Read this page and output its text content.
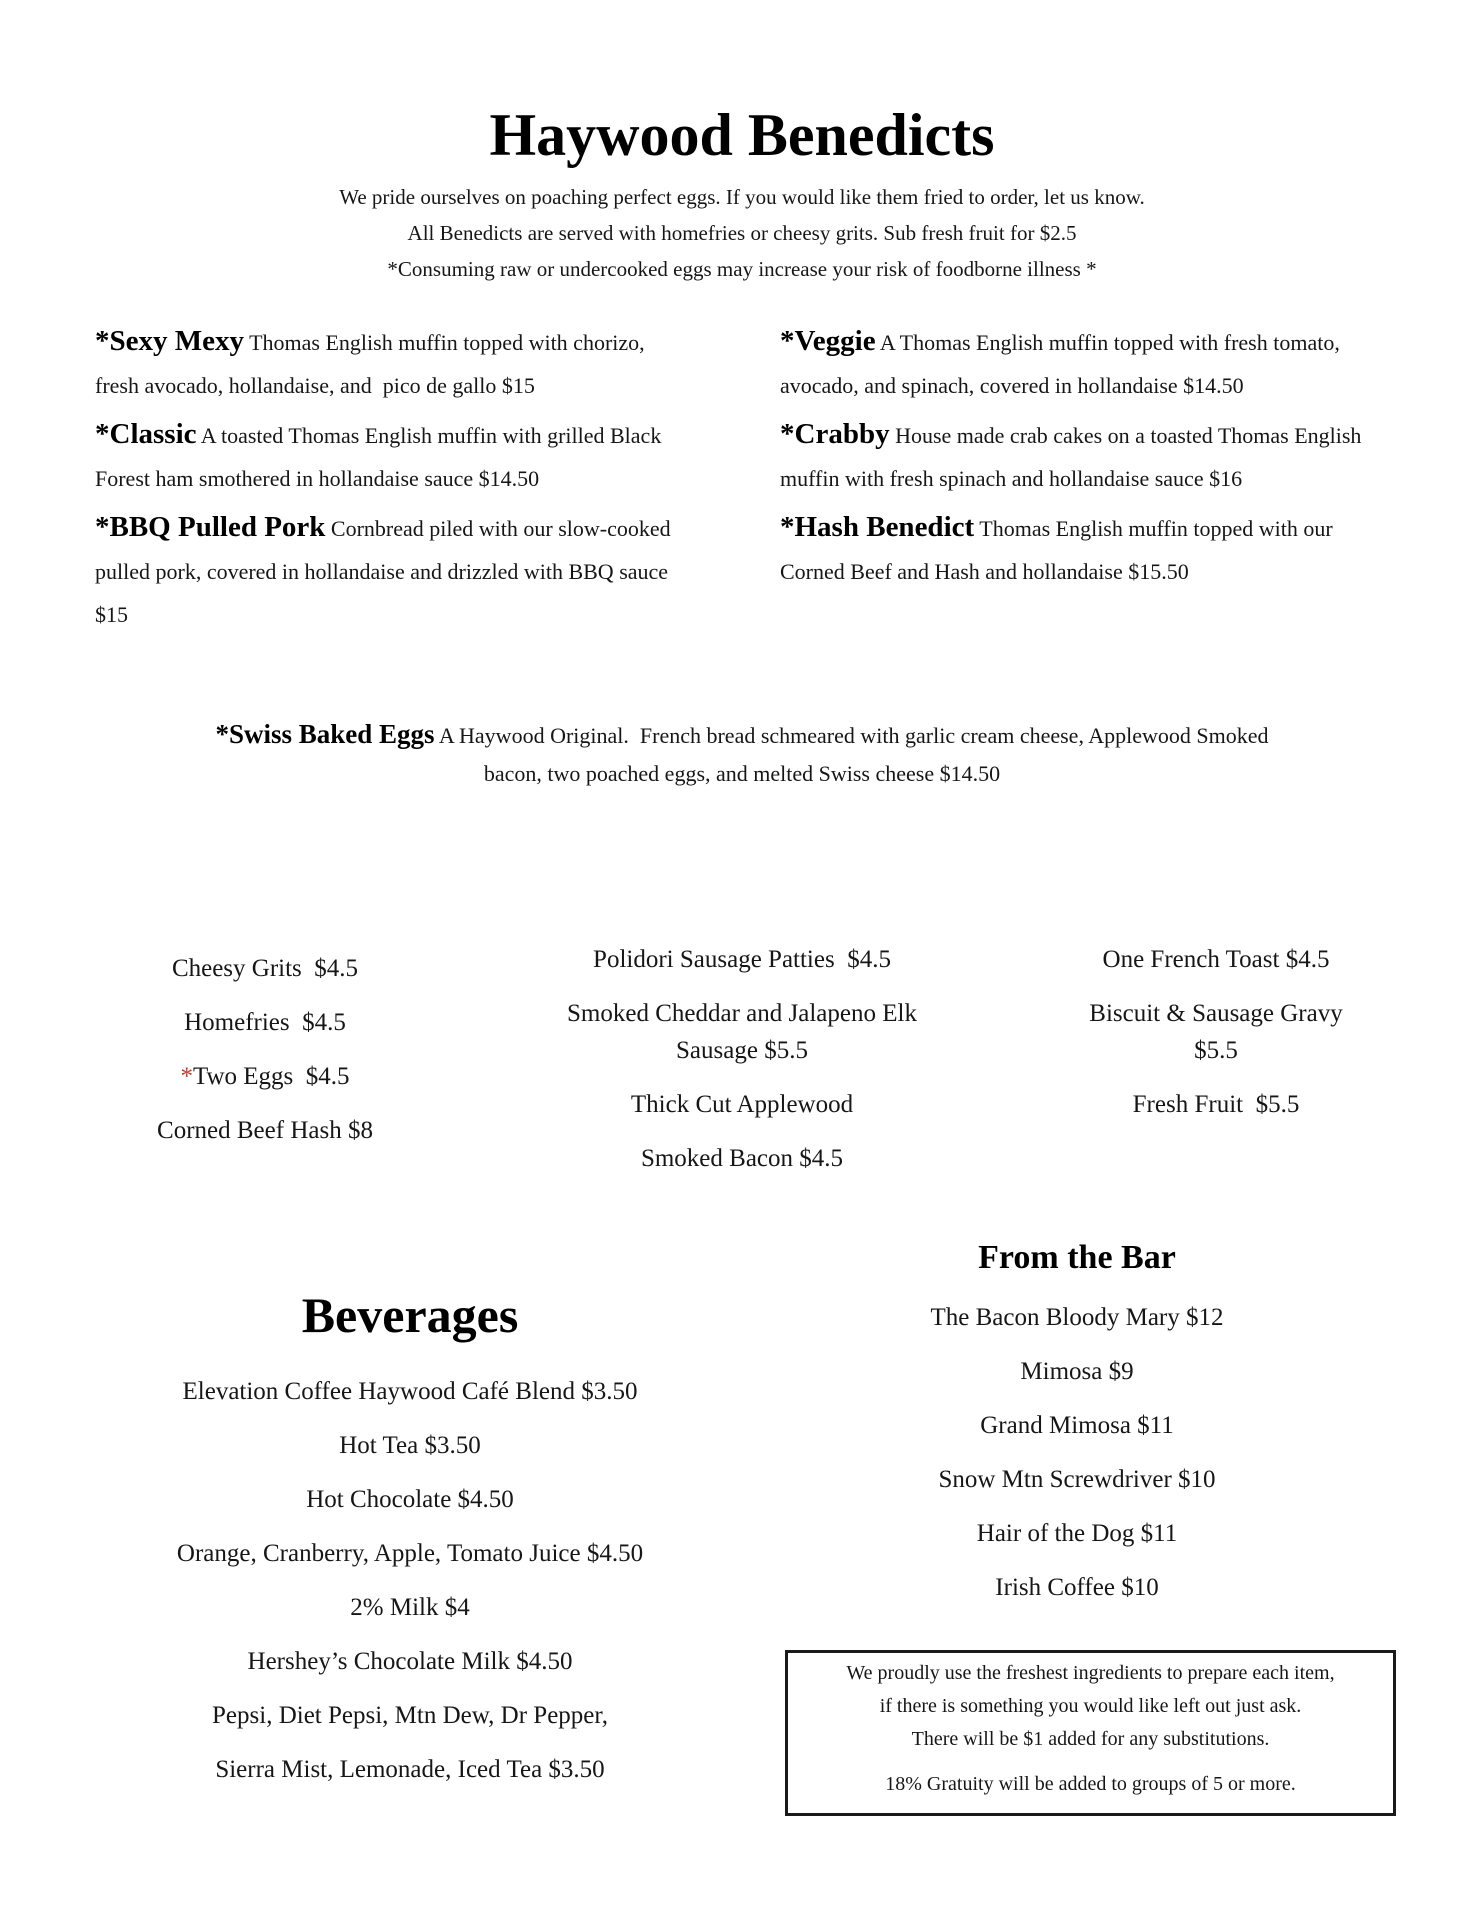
Haywood Benedicts

We pride ourselves on poaching perfect eggs. If you would like them fried to order, let us know.

All Benedicts are served with homefries or cheesy grits. Sub fresh fruit for $2.5

*Consuming raw or undercooked eggs may increase your risk of foodborne illness *

*Sexy Mexy Thomas English muffin topped with chorizo, fresh avocado, hollandaise, and  pico de gallo $15

*Classic A toasted Thomas English muffin with grilled Black Forest ham smothered in hollandaise sauce $14.50

*BBQ Pulled Pork Cornbread piled with our slow-cooked pulled pork, covered in hollandaise and drizzled with BBQ sauce $15

*Veggie A Thomas English muffin topped with fresh tomato, avocado, and spinach, covered in hollandaise $14.50

*Crabby House made crab cakes on a toasted Thomas English muffin with fresh spinach and hollandaise sauce $16

*Hash Benedict Thomas English muffin topped with our Corned Beef and Hash and hollandaise $15.50

*Swiss Baked Eggs A Haywood Original.  French bread schmeared with garlic cream cheese, Applewood Smoked bacon, two poached eggs, and melted Swiss cheese $14.50

Cheesy Grits  $4.5

Homefries  $4.5

*Two Eggs  $4.5

Corned Beef Hash $8

Polidori Sausage Patties  $4.5

Smoked Cheddar and Jalapeno Elk Sausage $5.5

Thick Cut Applewood

Smoked Bacon $4.5

One French Toast $4.5

Biscuit & Sausage Gravy $5.5

Fresh Fruit  $5.5

Beverages

Elevation Coffee Haywood Café Blend $3.50

Hot Tea $3.50

Hot Chocolate $4.50

Orange, Cranberry, Apple, Tomato Juice $4.50

2% Milk $4

Hershey’s Chocolate Milk $4.50

Pepsi, Diet Pepsi, Mtn Dew, Dr Pepper,

Sierra Mist, Lemonade, Iced Tea $3.50

From the Bar

The Bacon Bloody Mary $12

Mimosa $9

Grand Mimosa $11

Snow Mtn Screwdriver $10

Hair of the Dog $11

Irish Coffee $10

We proudly use the freshest ingredients to prepare each item,

if there is something you would like left out just ask.

There will be $1 added for any substitutions.

18% Gratuity will be added to groups of 5 or more.
